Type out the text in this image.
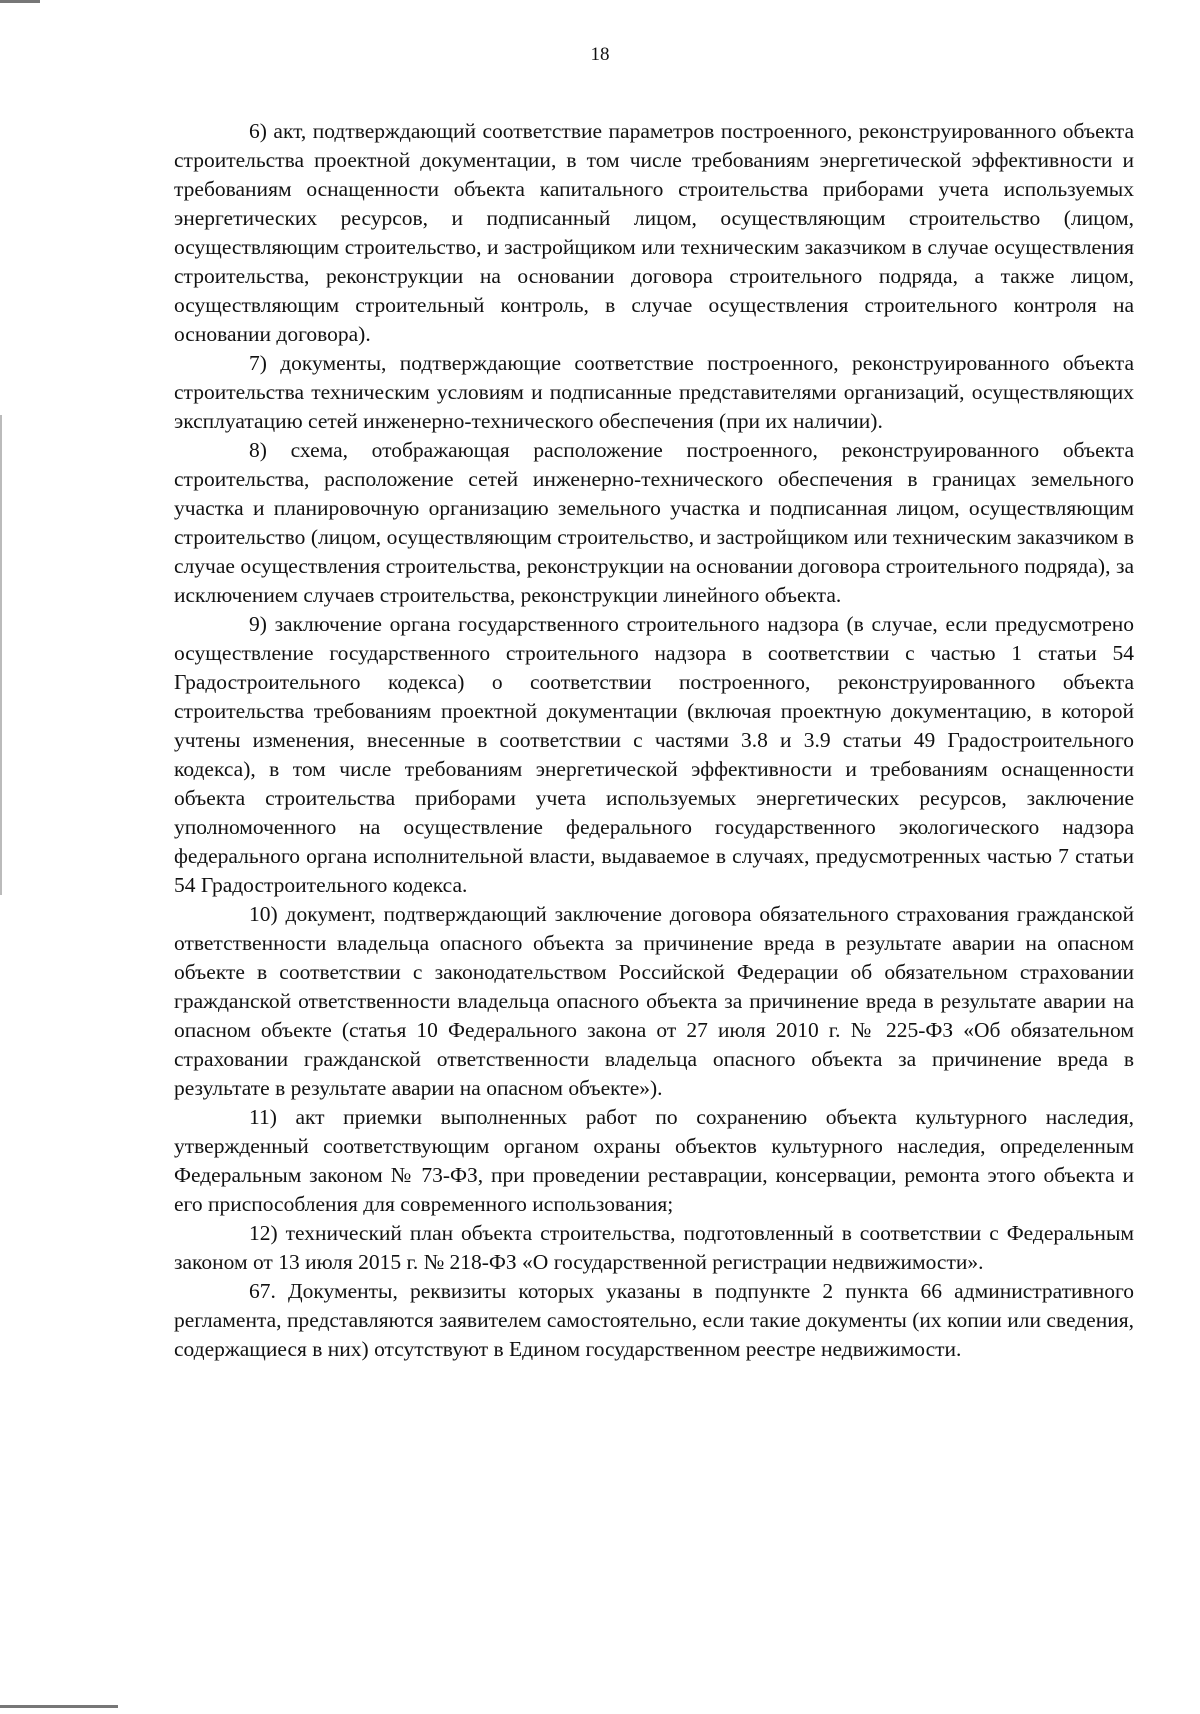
18

6) акт, подтверждающий соответствие параметров построенного, реконструированного объекта строительства проектной документации, в том числе требованиям энергетической эффективности и требованиям оснащенности объекта капитального строительства приборами учета используемых энергетических ресурсов, и подписанный лицом, осуществляющим строительство (лицом, осуществляющим строительство, и застройщиком или техническим заказчиком в случае осуществления строительства, реконструкции на основании договора строительного подряда, а также лицом, осуществляющим строительный контроль, в случае осуществления строительного контроля на основании договора).

7) документы, подтверждающие соответствие построенного, реконструированного объекта строительства техническим условиям и подписанные представителями организаций, осуществляющих эксплуатацию сетей инженерно-технического обеспечения (при их наличии).

8) схема, отображающая расположение построенного, реконструированного объекта строительства, расположение сетей инженерно-технического обеспечения в границах земельного участка и планировочную организацию земельного участка и подписанная лицом, осуществляющим строительство (лицом, осуществляющим строительство, и застройщиком или техническим заказчиком в случае осуществления строительства, реконструкции на основании договора строительного подряда), за исключением случаев строительства, реконструкции линейного объекта.

9) заключение органа государственного строительного надзора (в случае, если предусмотрено осуществление государственного строительного надзора в соответствии с частью 1 статьи 54 Градостроительного кодекса) о соответствии построенного, реконструированного объекта строительства требованиям проектной документации (включая проектную документацию, в которой учтены изменения, внесенные в соответствии с частями 3.8 и 3.9 статьи 49 Градостроительного кодекса), в том числе требованиям энергетической эффективности и требованиям оснащенности объекта строительства приборами учета используемых энергетических ресурсов, заключение уполномоченного на осуществление федерального государственного экологического надзора федерального органа исполнительной власти, выдаваемое в случаях, предусмотренных частью 7 статьи 54 Градостроительного кодекса.

10) документ, подтверждающий заключение договора обязательного страхования гражданской ответственности владельца опасного объекта за причинение вреда в результате аварии на опасном объекте в соответствии с законодательством Российской Федерации об обязательном страховании гражданской ответственности владельца опасного объекта за причинение вреда в результате аварии на опасном объекте (статья 10 Федерального закона от 27 июля 2010 г. № 225-ФЗ «Об обязательном страховании гражданской ответственности владельца опасного объекта за причинение вреда в результате в результате аварии на опасном объекте»).

11) акт приемки выполненных работ по сохранению объекта культурного наследия, утвержденный соответствующим органом охраны объектов культурного наследия, определенным Федеральным законом № 73-ФЗ, при проведении реставрации, консервации, ремонта этого объекта и его приспособления для современного использования;

12) технический план объекта строительства, подготовленный в соответствии с Федеральным законом от 13 июля 2015 г. № 218-ФЗ «О государственной регистрации недвижимости».

67. Документы, реквизиты которых указаны в подпункте 2 пункта 66 административного регламента, представляются заявителем самостоятельно, если такие документы (их копии или сведения, содержащиеся в них) отсутствуют в Едином государственном реестре недвижимости.
